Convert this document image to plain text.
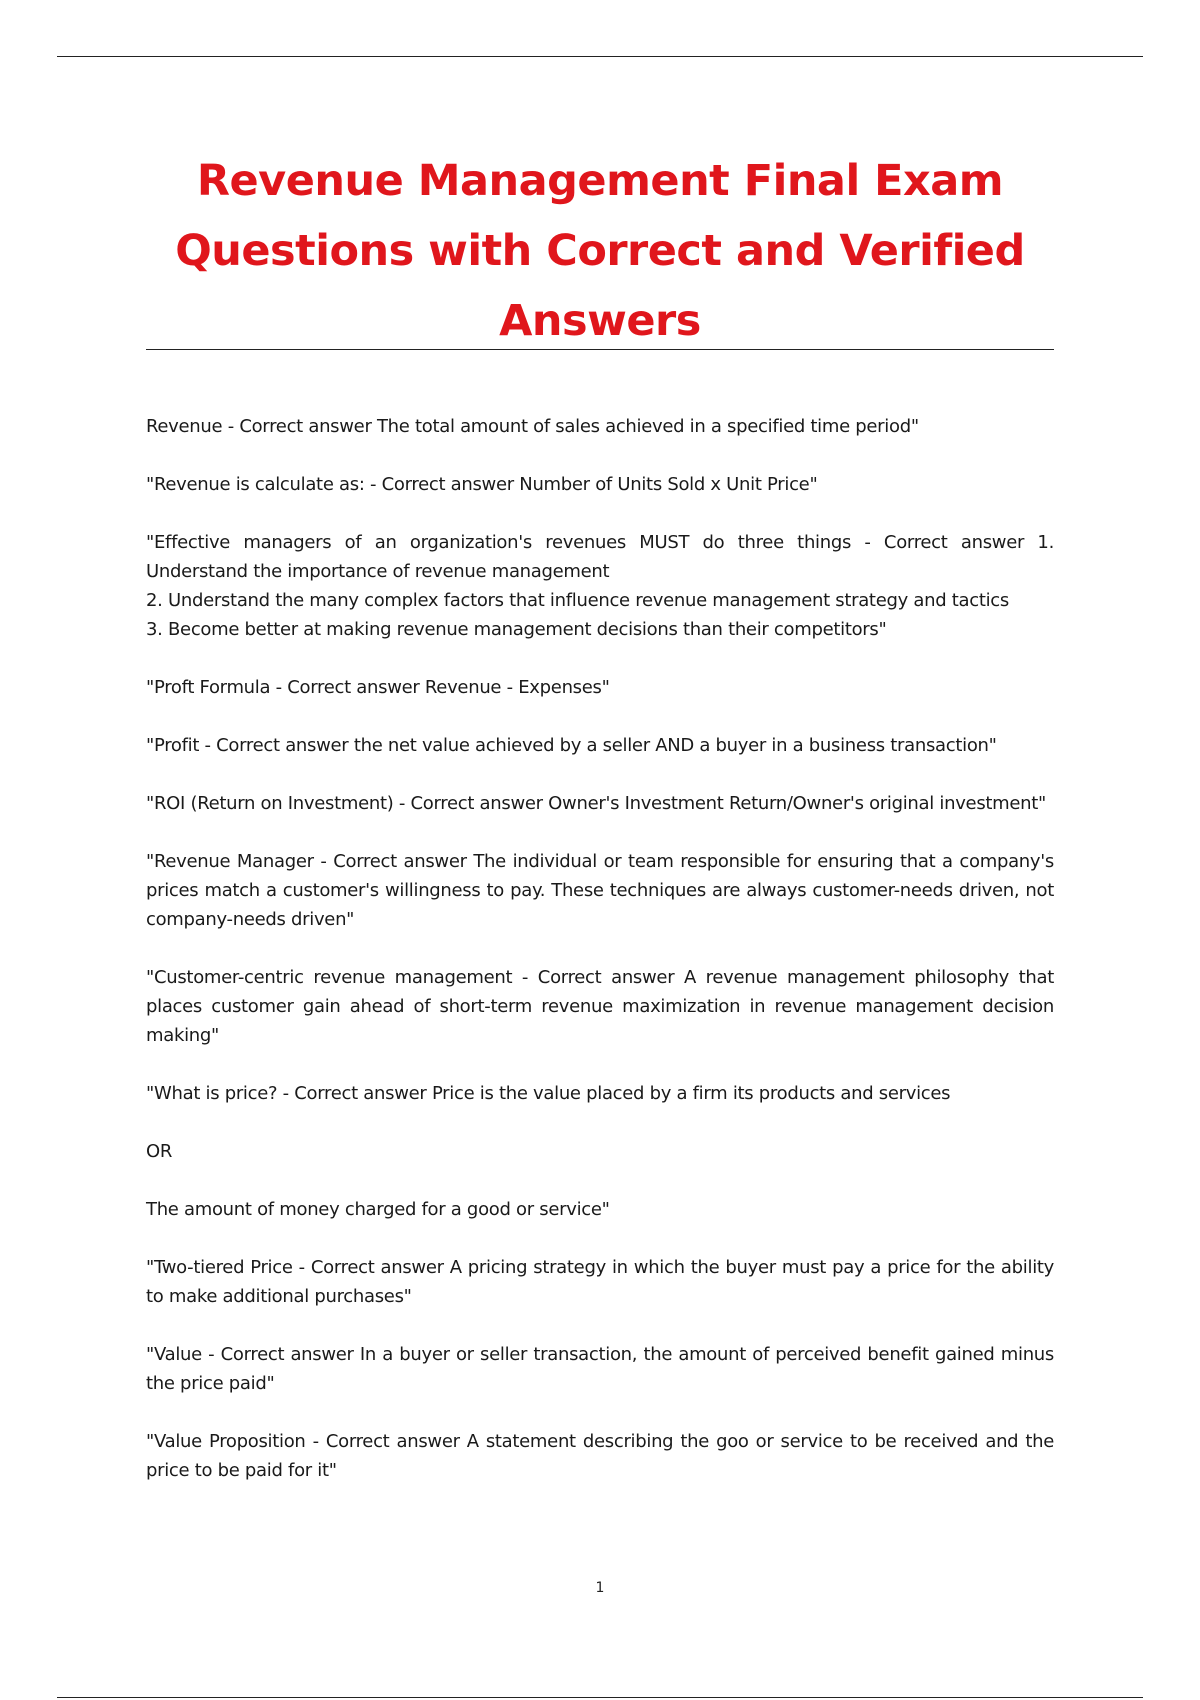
Revenue Management Final Exam Questions with Correct and Verified Answers

Revenue - Correct answer The total amount of sales achieved in a specified time period"

"Revenue is calculate as: - Correct answer Number of Units Sold x Unit Price"

"Effective managers of an organization's revenues MUST do three things - Correct answer 1. Understand the importance of revenue management
2. Understand the many complex factors that influence revenue management strategy and tactics
3. Become better at making revenue management decisions than their competitors"

"Proft Formula - Correct answer Revenue - Expenses"

"Profit - Correct answer the net value achieved by a seller AND a buyer in a business transaction"

"ROI (Return on Investment) - Correct answer Owner's Investment Return/Owner's original investment"

"Revenue Manager - Correct answer The individual or team responsible for ensuring that a company's prices match a customer's willingness to pay. These techniques are always customer-needs driven, not company-needs driven"

"Customer-centric revenue management - Correct answer A revenue management philosophy that places customer gain ahead of short-term revenue maximization in revenue management decision making"

"What is price? - Correct answer Price is the value placed by a firm its products and services

OR

The amount of money charged for a good or service"

"Two-tiered Price - Correct answer A pricing strategy in which the buyer must pay a price for the ability to make additional purchases"

"Value - Correct answer In a buyer or seller transaction, the amount of perceived benefit gained minus the price paid"

"Value Proposition - Correct answer A statement describing the goo or service to be received and the price to be paid for it"

1
